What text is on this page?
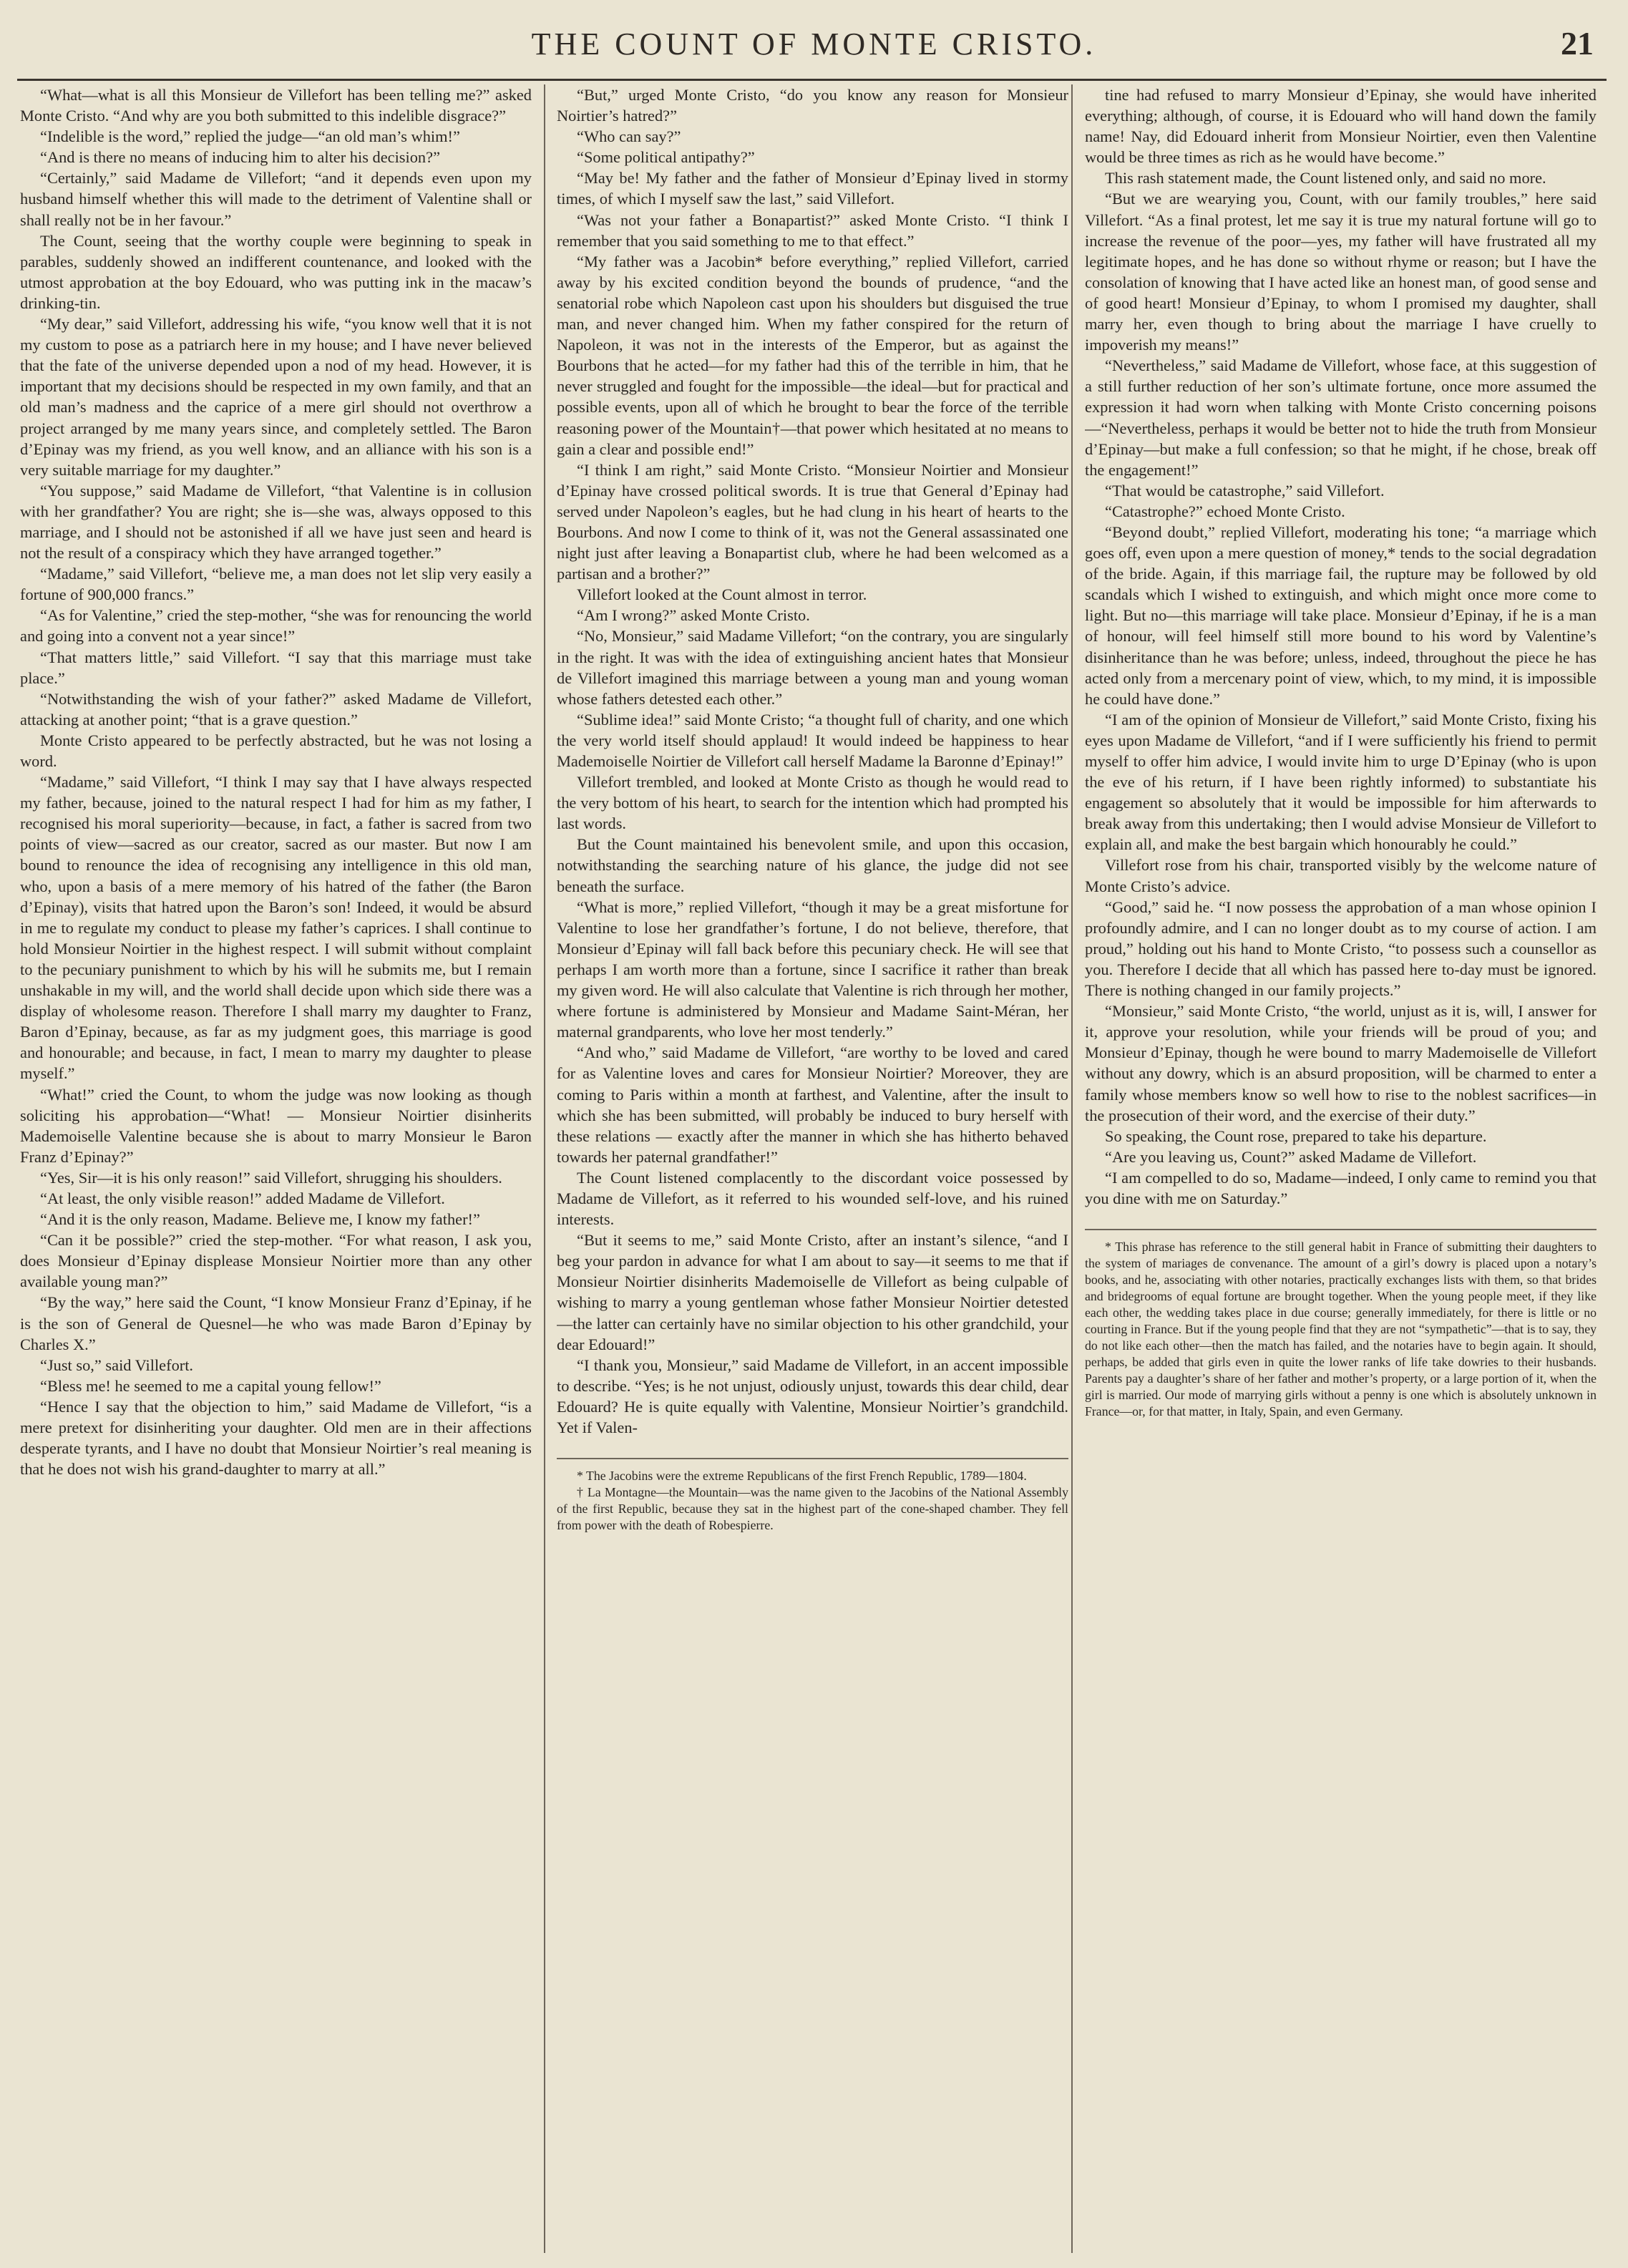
THE COUNT OF MONTE CRISTO.	21

“What—what is all this Monsieur de Villefort has been telling me?” asked Monte Cristo. “And why are you both submitted to this indelible disgrace?”

“Indelible is the word,” replied the judge—“an old man’s whim!”

“And is there no means of inducing him to alter his decision?”

“Certainly,” said Madame de Villefort; “and it depends even upon my husband himself whether this will made to the detriment of Valentine shall or shall really not be in her favour.”

The Count, seeing that the worthy couple were beginning to speak in parables, suddenly showed an indifferent countenance, and looked with the utmost approbation at the boy Edouard, who was putting ink in the macaw’s drinking-tin.

“My dear,” said Villefort, addressing his wife, “you know well that it is not my custom to pose as a patriarch here in my house; and I have never believed that the fate of the universe depended upon a nod of my head. However, it is important that my decisions should be respected in my own family, and that an old man’s madness and the caprice of a mere girl should not overthrow a project arranged by me many years since, and completely settled. The Baron d’Epinay was my friend, as you well know, and an alliance with his son is a very suitable marriage for my daughter.”

“You suppose,” said Madame de Villefort, “that Valentine is in collusion with her grandfather? You are right; she is—she was, always opposed to this marriage, and I should not be astonished if all we have just seen and heard is not the result of a conspiracy which they have arranged together.”

“Madame,” said Villefort, “believe me, a man does not let slip very easily a fortune of 900,000 francs.”

“As for Valentine,” cried the step-mother, “she was for renouncing the world and going into a convent not a year since!”

“That matters little,” said Villefort. “I say that this marriage must take place.”

“Notwithstanding the wish of your father?” asked Madame de Villefort, attacking at another point; “that is a grave question.”

Monte Cristo appeared to be perfectly abstracted, but he was not losing a word.

“Madame,” said Villefort, “I think I may say that I have always respected my father, because, joined to the natural respect I had for him as my father, I recognised his moral superiority—because, in fact, a father is sacred from two points of view—sacred as our creator, sacred as our master. But now I am bound to renounce the idea of recognising any intelligence in this old man, who, upon a basis of a mere memory of his hatred of the father (the Baron d’Epinay), visits that hatred upon the Baron’s son! Indeed, it would be absurd in me to regulate my conduct to please my father’s caprices. I shall continue to hold Monsieur Noirtier in the highest respect. I will submit without complaint to the pecuniary punishment to which by his will he submits me, but I remain unshakable in my will, and the world shall decide upon which side there was a display of wholesome reason. Therefore I shall marry my daughter to Franz, Baron d’Epinay, because, as far as my judgment goes, this marriage is good and honourable; and because, in fact, I mean to marry my daughter to please myself.”

“What!” cried the Count, to whom the judge was now looking as though soliciting his approbation—“What! — Monsieur Noirtier disinherits Mademoiselle Valentine because she is about to marry Monsieur le Baron Franz d’Epinay?”

“Yes, Sir—it is his only reason!” said Villefort, shrugging his shoulders.

“At least, the only visible reason!” added Madame de Villefort.

“And it is the only reason, Madame. Believe me, I know my father!”

“Can it be possible?” cried the step-mother. “For what reason, I ask you, does Monsieur d’Epinay displease Monsieur Noirtier more than any other available young man?”

“By the way,” here said the Count, “I know Monsieur Franz d’Epinay, if he is the son of General de Quesnel—he who was made Baron d’Epinay by Charles X.”

“Just so,” said Villefort.

“Bless me! he seemed to me a capital young fellow!”

“Hence I say that the objection to him,” said Madame de Villefort, “is a mere pretext for disinheriting your daughter. Old men are in their affections desperate tyrants, and I have no doubt that Monsieur Noirtier’s real meaning is that he does not wish his grand-daughter to marry at all.”

“But,” urged Monte Cristo, “do you know any reason for Monsieur Noirtier’s hatred?”

“Who can say?”

“Some political antipathy?”

“May be! My father and the father of Monsieur d’Epinay lived in stormy times, of which I myself saw the last,” said Villefort.

“Was not your father a Bonapartist?” asked Monte Cristo. “I think I remember that you said something to me to that effect.”

“My father was a Jacobin* before everything,” replied Villefort, carried away by his excited condition beyond the bounds of prudence, “and the senatorial robe which Napoleon cast upon his shoulders but disguised the true man, and never changed him. When my father conspired for the return of Napoleon, it was not in the interests of the Emperor, but as against the Bourbons that he acted—for my father had this of the terrible in him, that he never struggled and fought for the impossible—the ideal—but for practical and possible events, upon all of which he brought to bear the force of the terrible reasoning power of the Mountain†—that power which hesitated at no means to gain a clear and possible end!”

“I think I am right,” said Monte Cristo. “Monsieur Noirtier and Monsieur d’Epinay have crossed political swords. It is true that General d’Epinay had served under Napoleon’s eagles, but he had clung in his heart of hearts to the Bourbons. And now I come to think of it, was not the General assassinated one night just after leaving a Bonapartist club, where he had been welcomed as a partisan and a brother?”

Villefort looked at the Count almost in terror.

“Am I wrong?” asked Monte Cristo.

“No, Monsieur,” said Madame Villefort; “on the contrary, you are singularly in the right. It was with the idea of extinguishing ancient hates that Monsieur de Villefort imagined this marriage between a young man and young woman whose fathers detested each other.”

“Sublime idea!” said Monte Cristo; “a thought full of charity, and one which the very world itself should applaud! It would indeed be happiness to hear Mademoiselle Noirtier de Villefort call herself Madame la Baronne d’Epinay!”

Villefort trembled, and looked at Monte Cristo as though he would read to the very bottom of his heart, to search for the intention which had prompted his last words.

But the Count maintained his benevolent smile, and upon this occasion, notwithstanding the searching nature of his glance, the judge did not see beneath the surface.

“What is more,” replied Villefort, “though it may be a great misfortune for Valentine to lose her grandfather’s fortune, I do not believe, therefore, that Monsieur d’Epinay will fall back before this pecuniary check. He will see that perhaps I am worth more than a fortune, since I sacrifice it rather than break my given word. He will also calculate that Valentine is rich through her mother, where fortune is administered by Monsieur and Madame Saint-Méran, her maternal grandparents, who love her most tenderly.”

“And who,” said Madame de Villefort, “are worthy to be loved and cared for as Valentine loves and cares for Monsieur Noirtier? Moreover, they are coming to Paris within a month at farthest, and Valentine, after the insult to which she has been submitted, will probably be induced to bury herself with these relations — exactly after the manner in which she has hitherto behaved towards her paternal grandfather!”

The Count listened complacently to the discordant voice possessed by Madame de Villefort, as it referred to his wounded self-love, and his ruined interests.

“But it seems to me,” said Monte Cristo, after an instant’s silence, “and I beg your pardon in advance for what I am about to say—it seems to me that if Monsieur Noirtier disinherits Mademoiselle de Villefort as being culpable of wishing to marry a young gentleman whose father Monsieur Noirtier detested—the latter can certainly have no similar objection to his other grandchild, your dear Edouard!”

“I thank you, Monsieur,” said Madame de Villefort, in an accent impossible to describe. “Yes; is he not unjust, odiously unjust, towards this dear child, dear Edouard? He is quite equally with Valentine, Monsieur Noirtier’s grandchild. Yet if Valen-

* The Jacobins were the extreme Republicans of the first French Republic, 1789—1804.

† La Montagne—the Mountain—was the name given to the Jacobins of the National Assembly of the first Republic, because they sat in the highest part of the cone-shaped chamber. They fell from power with the death of Robespierre.

tine had refused to marry Monsieur d’Epinay, she would have inherited everything; although, of course, it is Edouard who will hand down the family name! Nay, did Edouard inherit from Monsieur Noirtier, even then Valentine would be three times as rich as he would have become.”

This rash statement made, the Count listened only, and said no more.

“But we are wearying you, Count, with our family troubles,” here said Villefort. “As a final protest, let me say it is true my natural fortune will go to increase the revenue of the poor—yes, my father will have frustrated all my legitimate hopes, and he has done so without rhyme or reason; but I have the consolation of knowing that I have acted like an honest man, of good sense and of good heart! Monsieur d’Epinay, to whom I promised my daughter, shall marry her, even though to bring about the marriage I have cruelly to impoverish my means!”

“Nevertheless,” said Madame de Villefort, whose face, at this suggestion of a still further reduction of her son’s ultimate fortune, once more assumed the expression it had worn when talking with Monte Cristo concerning poisons—“Nevertheless, perhaps it would be better not to hide the truth from Monsieur d’Epinay—but make a full confession; so that he might, if he chose, break off the engagement!”

“That would be catastrophe,” said Villefort.

“Catastrophe?” echoed Monte Cristo.

“Beyond doubt,” replied Villefort, moderating his tone; “a marriage which goes off, even upon a mere question of money,* tends to the social degradation of the bride. Again, if this marriage fail, the rupture may be followed by old scandals which I wished to extinguish, and which might once more come to light. But no—this marriage will take place. Monsieur d’Epinay, if he is a man of honour, will feel himself still more bound to his word by Valentine’s disinheritance than he was before; unless, indeed, throughout the piece he has acted only from a mercenary point of view, which, to my mind, it is impossible he could have done.”

“I am of the opinion of Monsieur de Villefort,” said Monte Cristo, fixing his eyes upon Madame de Villefort, “and if I were sufficiently his friend to permit myself to offer him advice, I would invite him to urge D’Epinay (who is upon the eve of his return, if I have been rightly informed) to substantiate his engagement so absolutely that it would be impossible for him afterwards to break away from this undertaking; then I would advise Monsieur de Villefort to explain all, and make the best bargain which honourably he could.”

Villefort rose from his chair, transported visibly by the welcome nature of Monte Cristo’s advice.

“Good,” said he. “I now possess the approbation of a man whose opinion I profoundly admire, and I can no longer doubt as to my course of action. I am proud,” holding out his hand to Monte Cristo, “to possess such a counsellor as you. Therefore I decide that all which has passed here to-day must be ignored. There is nothing changed in our family projects.”

“Monsieur,” said Monte Cristo, “the world, unjust as it is, will, I answer for it, approve your resolution, while your friends will be proud of you; and Monsieur d’Epinay, though he were bound to marry Mademoiselle de Villefort without any dowry, which is an absurd proposition, will be charmed to enter a family whose members know so well how to rise to the noblest sacrifices—in the prosecution of their word, and the exercise of their duty.”

So speaking, the Count rose, prepared to take his departure.

“Are you leaving us, Count?” asked Madame de Villefort.

“I am compelled to do so, Madame—indeed, I only came to remind you that you dine with me on Saturday.”

* This phrase has reference to the still general habit in France of submitting their daughters to the system of mariages de convenance. The amount of a girl’s dowry is placed upon a notary’s books, and he, associating with other notaries, practically exchanges lists with them, so that brides and bridegrooms of equal fortune are brought together. When the young people meet, if they like each other, the wedding takes place in due course; generally immediately, for there is little or no courting in France. But if the young people find that they are not “sympathetic”—that is to say, they do not like each other—then the match has failed, and the notaries have to begin again. It should, perhaps, be added that girls even in quite the lower ranks of life take dowries to their husbands. Parents pay a daughter’s share of her father and mother’s property, or a large portion of it, when the girl is married. Our mode of marrying girls without a penny is one which is absolutely unknown in France—or, for that matter, in Italy, Spain, and even Germany.
